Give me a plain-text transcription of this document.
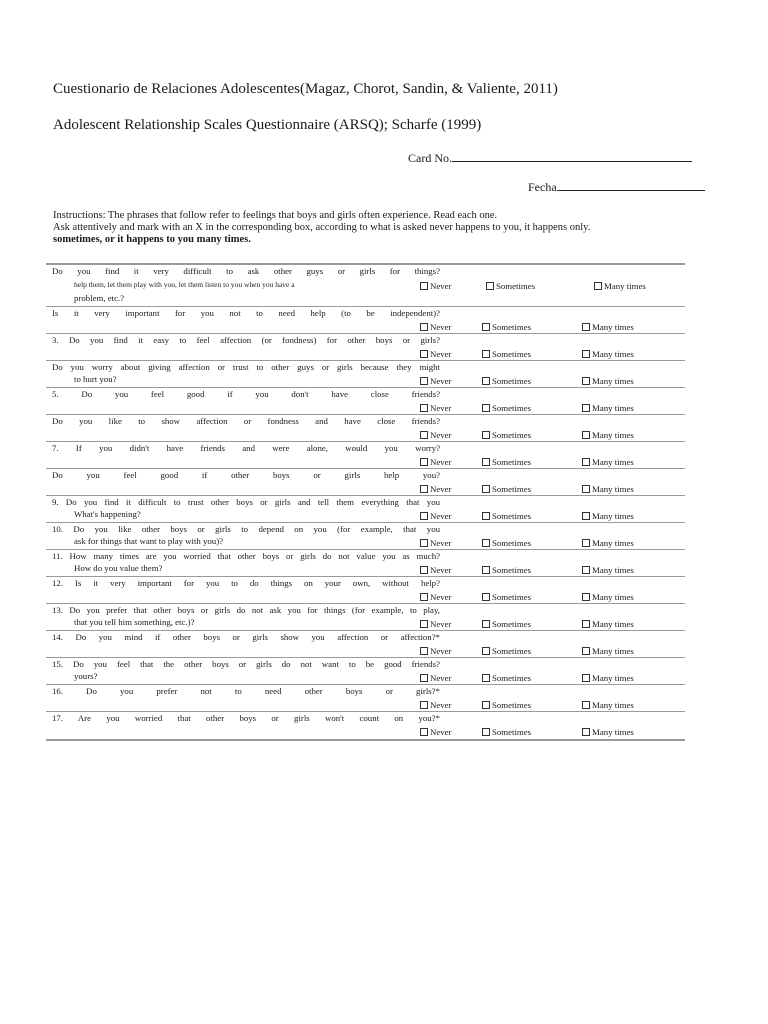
Cuestionario de Relaciones Adolescentes(Magaz, Chorot, Sandin, & Valiente, 2011)
Adolescent Relationship Scales Questionnaire (ARSQ); Scharfe (1999)
Card No.
Fecha
Instructions: The phrases that follow refer to feelings that boys and girls often experience. Read each one.
Ask attentively and mark with an X in the corresponding box, according to what is asked never happens to you, it happens only.
sometimes, or it happens to you many times.
Do you find it very difficult to ask other guys or girls for things?
help them, let them play with you, let them listen to you when you have a
problem, etc.?
Never	Sometimes	Many times
Is it very important for you not to need help (to be independent)?
Never	Sometimes	Many times
3. Do you find it easy to feel affection (or fondness) for other boys or girls?
Never	Sometimes	Many times
Do you worry about giving affection or trust to other guys or girls because they might
to hurt you?	Never	Sometimes	Many times
5. Do you feel good if you don't have close friends?
Never	Sometimes	Many times
Do you like to show affection or fondness and have close friends?
Never	Sometimes	Many times
7. If you didn't have friends and were alone, would you worry?
Never	Sometimes	Many times
Do you feel good if other boys or girls help you?
Never	Sometimes	Many times
9. Do you find it difficult to trust other boys or girls and tell them everything that you
What's happening?	Never	Sometimes	Many times
10. Do you like other boys or girls to depend on you (for example, that you
ask for things that want to play with you)?	Never	Sometimes	Many times
11. How many times are you worried that other boys or girls do not value you as much?
How do you value them?	Never	Sometimes	Many times
12. Is it very important for you to do things on your own, without help?
Never	Sometimes	Many times
13. Do you prefer that other boys or girls do not ask you for things (for example, to play,
that you tell him something, etc.)?	Never	Sometimes	Many times
14. Do you mind if other boys or girls show you affection or affection?*
Never	Sometimes	Many times
15. Do you feel that the other boys or girls do not want to be good friends?
yours?	Never	Sometimes	Many times
16. Do you prefer not to need other boys or girls?*
Never	Sometimes	Many times
17. Are you worried that other boys or girls won't count on you?*
Never	Sometimes	Many times
